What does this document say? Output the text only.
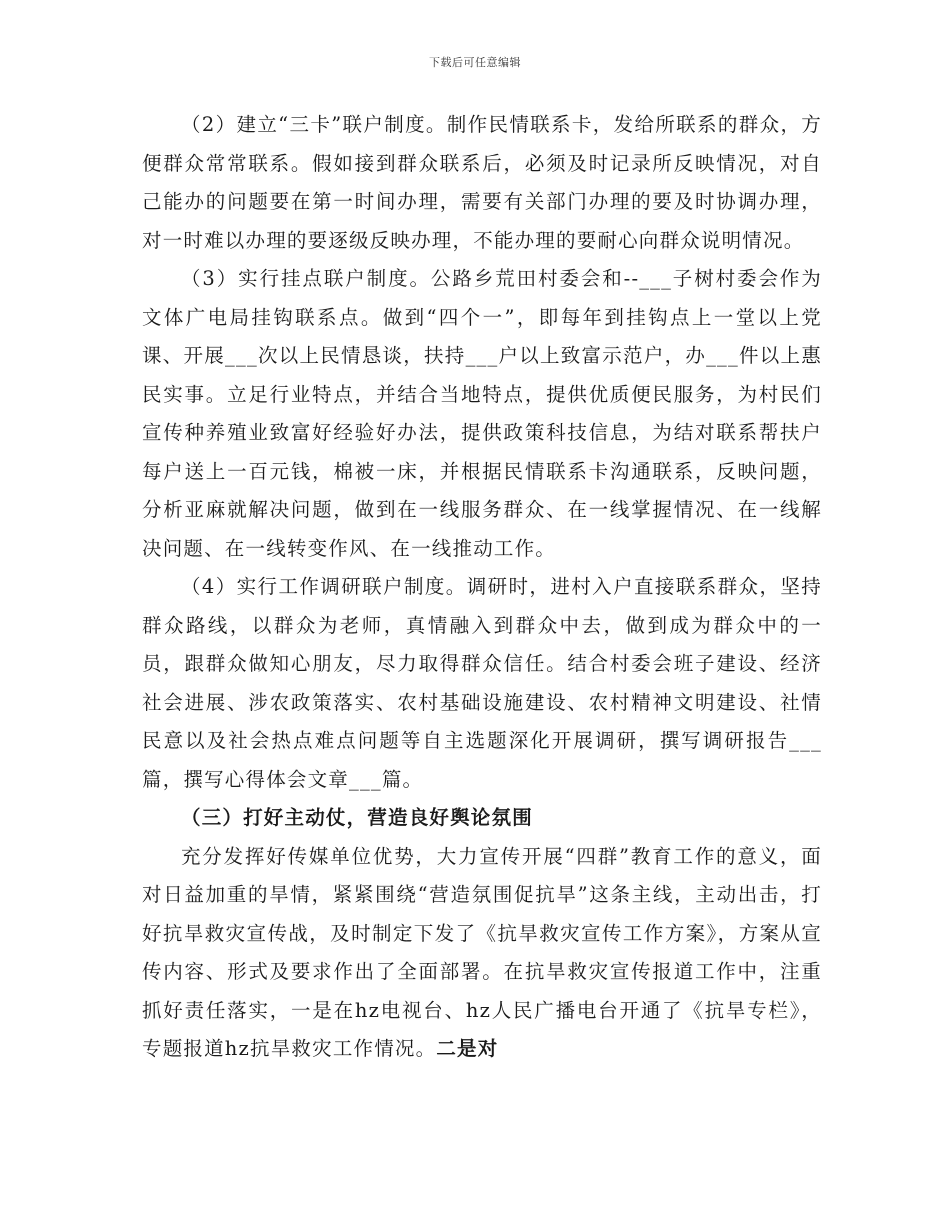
下载后可任意编辑

（2）建立“三卡”联户制度。制作民情联系卡，发给所联系的群众，方便群众常常联系。假如接到群众联系后，必须及时记录所反映情况，对自己能办的问题要在第一时间办理，需要有关部门办理的要及时协调办理，对一时难以办理的要逐级反映办理，不能办理的要耐心向群众说明情况。

（3）实行挂点联户制度。公路乡荒田村委会和--___子树村委会作为文体广电局挂钩联系点。做到“四个一”，即每年到挂钩点上一堂以上党课、开展___次以上民情恳谈，扶持___户以上致富示范户，办___件以上惠民实事。立足行业特点，并结合当地特点，提供优质便民服务，为村民们宣传种养殖业致富好经验好办法，提供政策科技信息，为结对联系帮扶户每户送上一百元钱，棉被一床，并根据民情联系卡沟通联系，反映问题，分析亚麻就解决问题，做到在一线服务群众、在一线掌握情况、在一线解决问题、在一线转变作风、在一线推动工作。

（4）实行工作调研联户制度。调研时，进村入户直接联系群众，坚持群众路线，以群众为老师，真情融入到群众中去，做到成为群众中的一员，跟群众做知心朋友，尽力取得群众信任。结合村委会班子建设、经济社会进展、涉农政策落实、农村基础设施建设、农村精神文明建设、社情民意以及社会热点难点问题等自主选题深化开展调研，撰写调研报告___篇，撰写心得体会文章___篇。

（三）打好主动仗，营造良好舆论氛围

充分发挥好传媒单位优势，大力宣传开展“四群”教育工作的意义，面对日益加重的旱情，紧紧围绕“营造氛围促抗旱”这条主线，主动出击，打好抗旱救灾宣传战，及时制定下发了《抗旱救灾宣传工作方案》，方案从宣传内容、形式及要求作出了全面部署。在抗旱救灾宣传报道工作中，注重抓好责任落实，一是在hz电视台、hz人民广播电台开通了《抗旱专栏》，专题报道hz抗旱救灾工作情况。二是对
